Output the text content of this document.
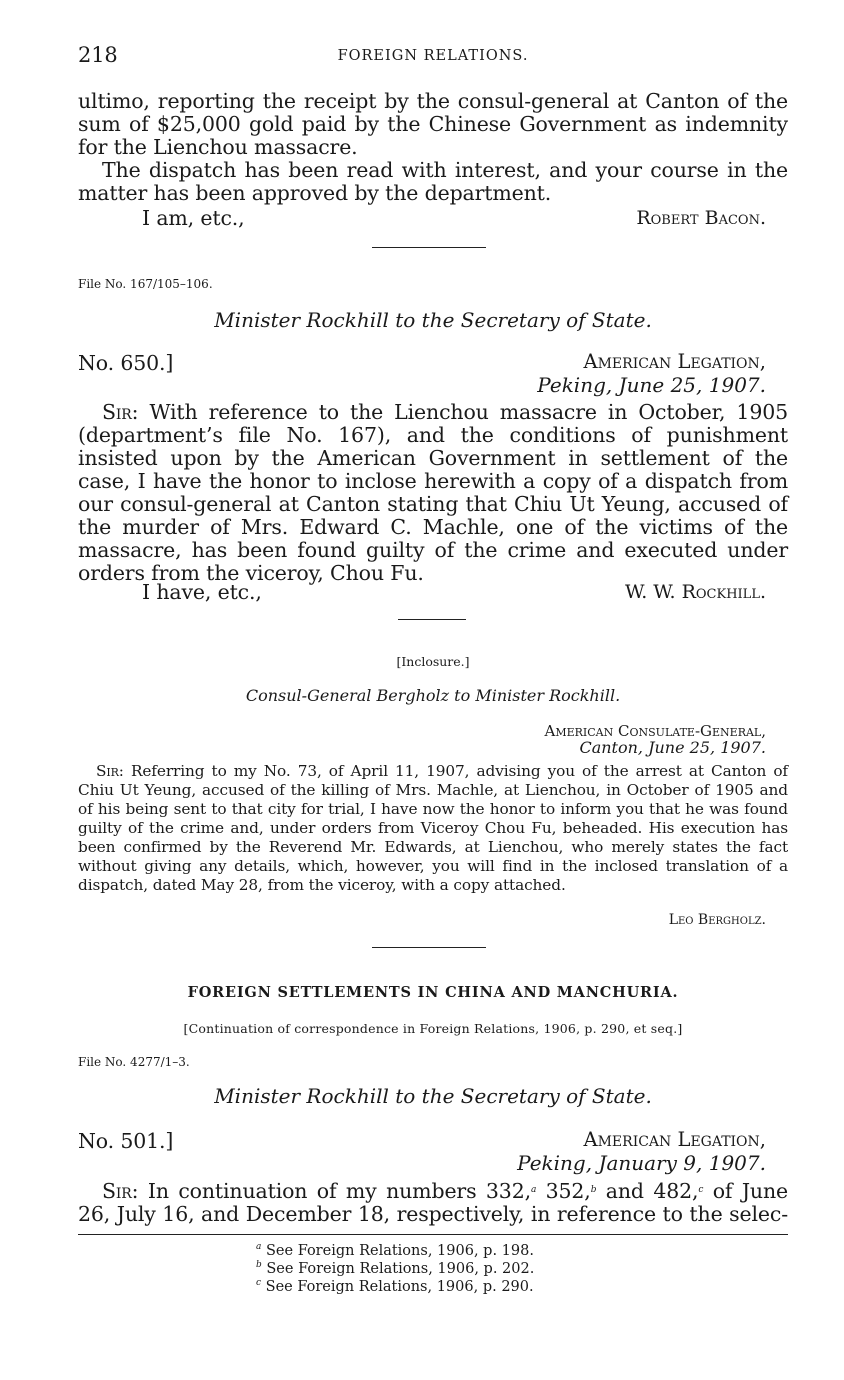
218	FOREIGN RELATIONS.

ultimo, reporting the receipt by the consul-general at Canton of the sum of $25,000 gold paid by the Chinese Government as indemnity for the Lienchou massacre.

The dispatch has been read with interest, and your course in the matter has been approved by the department.

I am, etc.,	Robert Bacon.
File No. 167/105–106.
Minister Rockhill to the Secretary of State.
No. 650.]	American Legation,
Peking, June 25, 1907.

Sir: With reference to the Lienchou massacre in October, 1905 (department’s file No. 167), and the conditions of punishment insisted upon by the American Government in settlement of the case, I have the honor to inclose herewith a copy of a dispatch from our consul-general at Canton stating that Chiu Ut Yeung, accused of the murder of Mrs. Edward C. Machle, one of the victims of the massacre, has been found guilty of the crime and executed under orders from the viceroy, Chou Fu.

I have, etc.,	W. W. Rockhill.
[Inclosure.]
Consul-General Bergholz to Minister Rockhill.
American Consulate-General,
Canton, June 25, 1907.

Sir: Referring to my No. 73, of April 11, 1907, advising you of the arrest at Canton of Chiu Ut Yeung, accused of the killing of Mrs. Machle, at Lienchou, in October of 1905 and of his being sent to that city for trial, I have now the honor to inform you that he was found guilty of the crime and, under orders from Viceroy Chou Fu, beheaded. His execution has been confirmed by the Reverend Mr. Edwards, at Lienchou, who merely states the fact without giving any details, which, however, you will find in the inclosed translation of a dispatch, dated May 28, from the viceroy, with a copy attached.

Leo Bergholz.
FOREIGN SETTLEMENTS IN CHINA AND MANCHURIA.
[Continuation of correspondence in Foreign Relations, 1906, p. 290, et seq.]
File No. 4277/1–3.
Minister Rockhill to the Secretary of State.
No. 501.]	American Legation,
Peking, January 9, 1907.

Sir: In continuation of my numbers 332,$^a$ 352,$^b$ and 482,$^c$ of June

26, July 16, and December 18, respectively, in reference to the selec-

$^a$ See Foreign Relations, 1906, p. 198.
$^b$ See Foreign Relations, 1906, p. 202.
$^c$ See Foreign Relations, 1906, p. 290.
